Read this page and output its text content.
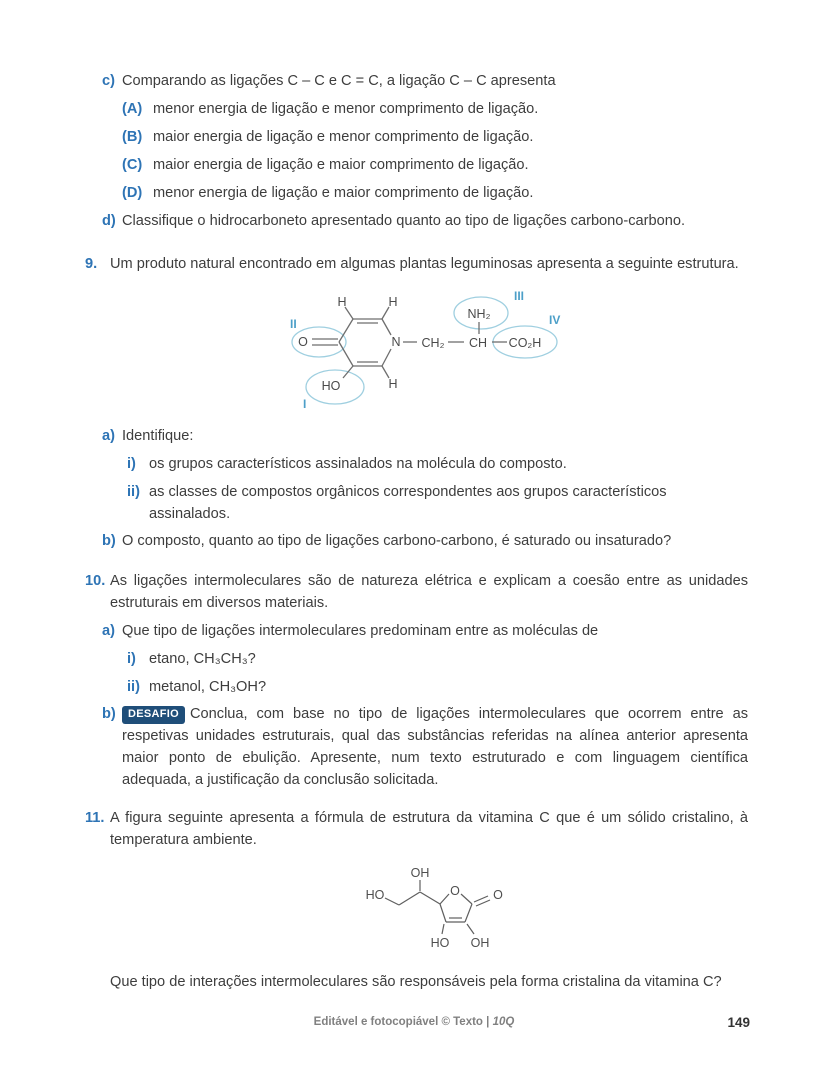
c) Comparando as ligações C – C e C = C, a ligação C – C apresenta
(A) menor energia de ligação e menor comprimento de ligação.
(B) maior energia de ligação e menor comprimento de ligação.
(C) maior energia de ligação e maior comprimento de ligação.
(D) menor energia de ligação e maior comprimento de ligação.
d) Classifique o hidrocarboneto apresentado quanto ao tipo de ligações carbono-carbono.
9. Um produto natural encontrado em algumas plantas leguminosas apresenta a seguinte estrutura.
H	H
O	N
HO	H
CH₂ CH
NH₂
CO₂H
II
I
III
IV
a) Identifique:
i) os grupos característicos assinalados na molécula do composto.
ii) as classes de compostos orgânicos correspondentes aos grupos característicos assinalados.
b) O composto, quanto ao tipo de ligações carbono-carbono, é saturado ou insaturado?
10. As ligações intermoleculares são de natureza elétrica e explicam a coesão entre as unidades estruturais em diversos materiais.
a) Que tipo de ligações intermoleculares predominam entre as moléculas de
i) etano, CH₃CH₃?
ii) metanol, CH₃OH?
b)	DESAFIO Conclua, com base no tipo de ligações intermoleculares que ocorrem entre as respetivas unidades estruturais, qual das substâncias referidas na alínea anterior apresenta maior ponto de ebulição. Apresente, num texto estruturado e com linguagem científica adequada, a justificação da conclusão solicitada.
11. A figura seguinte apresenta a fórmula de estrutura da vitamina C que é um sólido cristalino, à temperatura ambiente.
OH
HO	O	O
HO OH
Que tipo de interações intermoleculares são responsáveis pela forma cristalina da vitamina C?
Editável e fotocopiável © Texto | 10Q	149
